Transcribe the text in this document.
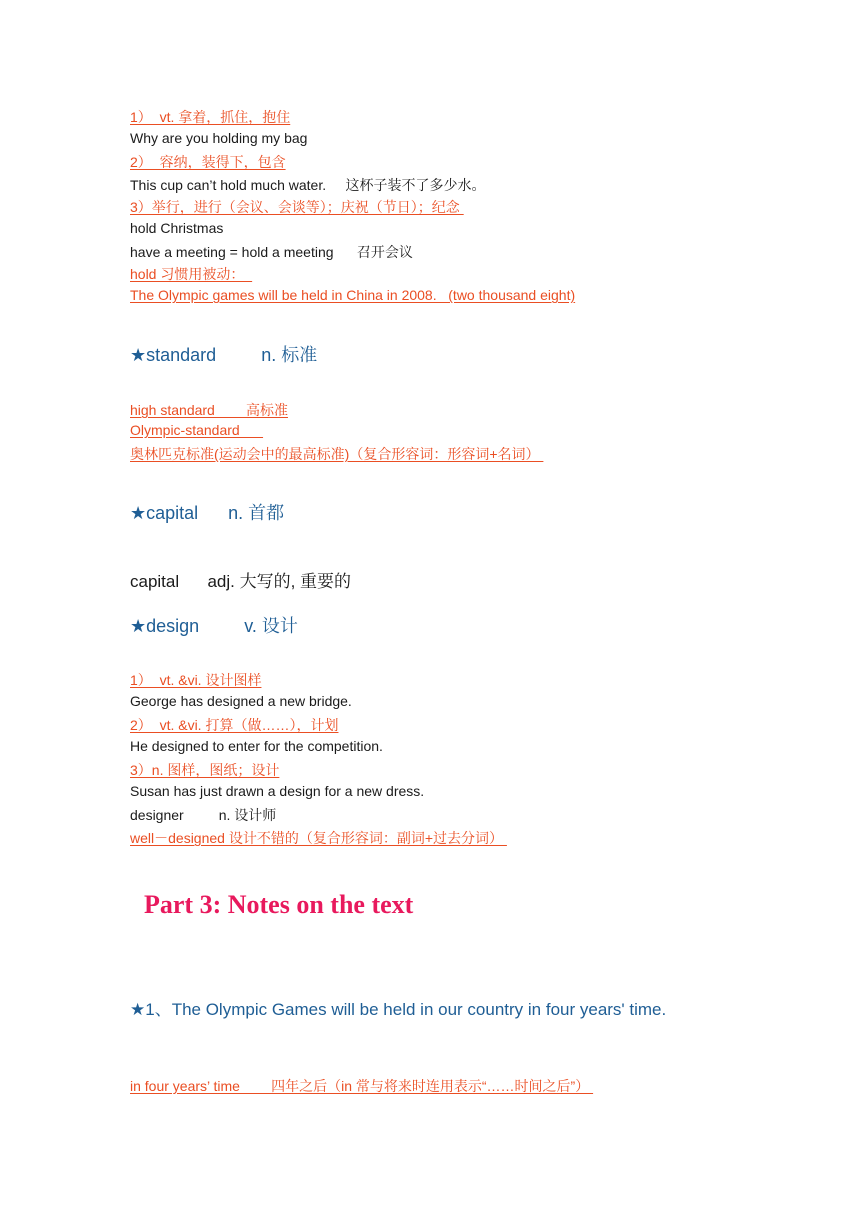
1）  vt. 拿着，抓住，抱住

Why are you holding my bag

2）  容纳，装得下，包含

This cup can’t hold much water.     这杯子装不了多少水。

3）举行，进行（会议、会谈等）；庆祝（节日）；纪念

hold Christmas

have a meeting = hold a meeting      召开会议

hold 习惯用被动：

The Olympic games will be held in China in 2008.   (two thousand eight)

★standard         n. 标准

high standard        高标准

Olympic-standard

奥林匹克标准(运动会中的最高标准)（复合形容词：形容词+名词）

★capital      n. 首都

capital      adj. 大写的, 重要的

★design         v. 设计

1）  vt. &vi. 设计图样

George has designed a new bridge.

2）  vt. &vi. 打算（做……），计划

He designed to enter for the competition.

3）n. 图样，图纸；设计

Susan has just drawn a design for a new dress.

designer         n. 设计师

well－designed 设计不错的（复合形容词：副词+过去分词）

Part 3: Notes on the text

★1、The Olympic Games will be held in our country in four years' time.

in four years’ time        四年之后（in 常与将来时连用表示“……时间之后”）
